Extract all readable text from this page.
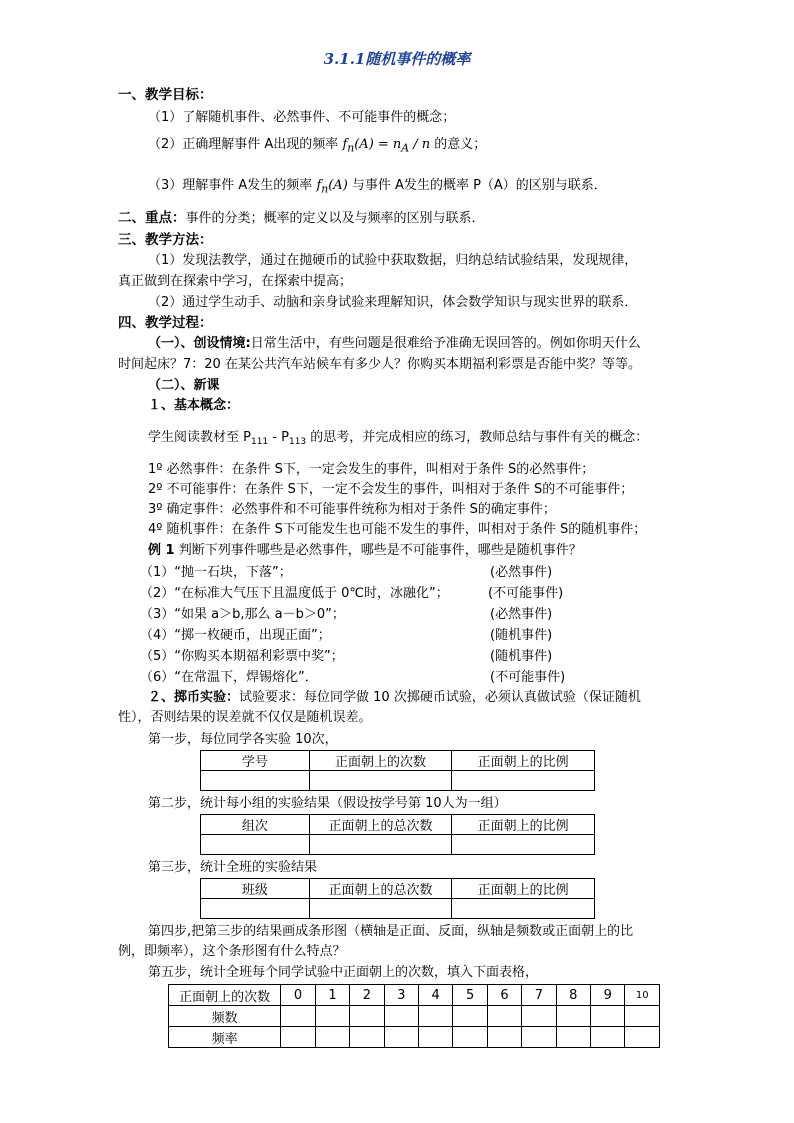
3.1.1随机事件的概率
一、教学目标：
（1）了解随机事件、必然事件、不可能事件的概念；
（2）正确理解事件 A出现的频率 $f_n(A) = n_A / n$ 的意义；
（3）理解事件 A发生的频率 $f_n(A)$ 与事件 A发生的概率 P（A）的区别与联系．
二、重点：事件的分类；概率的定义以及与频率的区别与联系．
三、教学方法：
（1）发现法教学，通过在抛硬币的试验中获取数据，归纳总结试验结果，发现规律，
真正做到在探索中学习，在探索中提高；
（2）通过学生动手、动脑和亲身试验来理解知识，体会数学知识与现实世界的联系．
四、教学过程：
（一）、创设情境:日常生活中，有些问题是很难给予准确无误回答的。例如你明天什么
时间起床？7：20 在某公共汽车站候车有多少人？你购买本期福利彩票是否能中奖？等等。
（二）、新课
１、基本概念：
学生阅读教材至 $P_{111} - P_{113}$ 的思考，并完成相应的练习，教师总结与事件有关的概念：
1º 必然事件：在条件 S下，一定会发生的事件，叫相对于条件 S的必然事件；
2º 不可能事件：在条件 S下，一定不会发生的事件，叫相对于条件 S的不可能事件；
3º 确定事件：必然事件和不可能事件统称为相对于条件 S的确定事件；
4º 随机事件：在条件 S下可能发生也可能不发生的事件，叫相对于条件 S的随机事件；
例 1 判断下列事件哪些是必然事件，哪些是不可能事件，哪些是随机事件？
（1）“抛一石块，下落”；	(必然事件)
（2）“在标准大气压下且温度低于 0℃时，冰融化”；	(不可能事件)
（3）“如果 a＞b,那么 a－b＞0”；	(必然事件)
（4）“掷一枚硬币，出现正面”；	(随机事件)
（5）“你购买本期福利彩票中奖”；	(随机事件)
（6）“在常温下，焊锡熔化”．	(不可能事件)
２、掷币实验：试验要求：每位同学做 10 次掷硬币试验，必须认真做试验（保证随机
性），否则结果的误差就不仅仅是随机误差。
第一步，每位同学各实验 10次，
学号	正面朝上的次数	正面朝上的比例

第二步，统计每小组的实验结果（假设按学号第 10人为一组）
组次	正面朝上的总次数	正面朝上的比例

第三步，统计全班的实验结果
班级	正面朝上的总次数	正面朝上的比例

第四步,把第三步的结果画成条形图（横轴是正面、反面，纵轴是频数或正面朝上的比
例，即频率），这个条形图有什么特点？
第五步，统计全班每个同学试验中正面朝上的次数，填入下面表格，
正面朝上的次数	0	1	2	3	4	5	6	7	8	9	10
频数											
频率											
